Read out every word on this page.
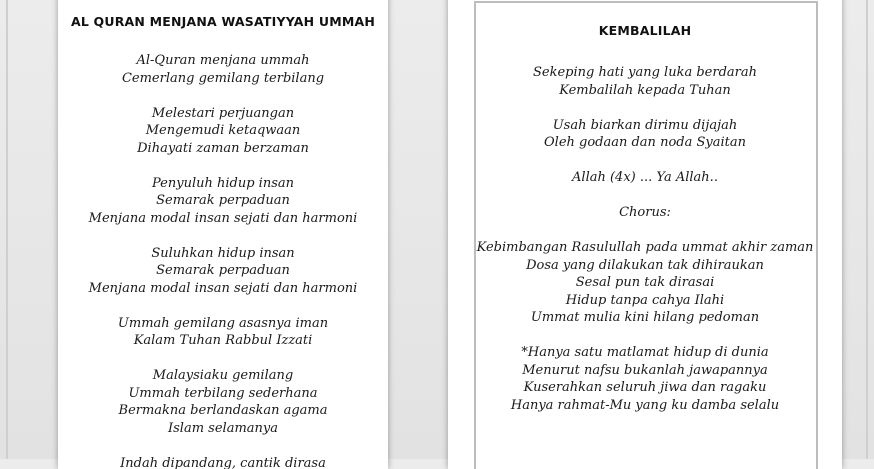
AL QURAN MENJANA WASATIYYAH UMMAH
Al-Quran menjana ummah
Cemerlang gemilang terbilang
Melestari perjuangan
Mengemudi ketaqwaan
Dihayati zaman berzaman
Penyuluh hidup insan
Semarak perpaduan
Menjana modal insan sejati dan harmoni
Suluhkan hidup insan
Semarak perpaduan
Menjana modal insan sejati dan harmoni
Ummah gemilang asasnya iman
Kalam Tuhan Rabbul Izzati
Malaysiaku gemilang
Ummah terbilang sederhana
Bermakna berlandaskan agama
Islam selamanya
Indah dipandang, cantik dirasa
KEMBALILAH
Sekeping hati yang luka berdarah
Kembalilah kepada Tuhan
Usah biarkan dirimu dijajah
Oleh godaan dan noda Syaitan
Allah (4x) ... Ya Allah..
Chorus:
Kebimbangan Rasulullah pada ummat akhir zaman
Dosa yang dilakukan tak dihiraukan
Sesal pun tak dirasai
Hidup tanpa cahya Ilahi
Ummat mulia kini hilang pedoman
*Hanya satu matlamat hidup di dunia
Menurut nafsu bukanlah jawapannya
Kuserahkan seluruh jiwa dan ragaku
Hanya rahmat-Mu yang ku damba selalu
